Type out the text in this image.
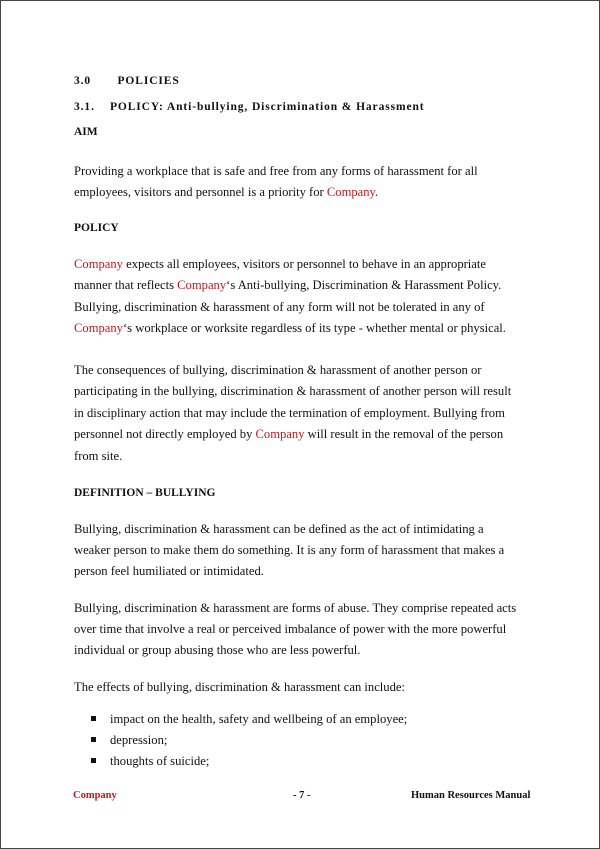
3.0       POLICIES
3.1.    POLICY: Anti-bullying, Discrimination & Harassment
AIM
Providing a workplace that is safe and free from any forms of harassment for all
employees, visitors and personnel is a priority for Company.
POLICY
Company expects all employees, visitors or personnel to behave in an appropriate
manner that reflects Company‘s Anti-bullying, Discrimination & Harassment Policy.
Bullying, discrimination & harassment of any form will not be tolerated in any of
Company‘s workplace or worksite regardless of its type - whether mental or physical.
The consequences of bullying, discrimination & harassment of another person or
participating in the bullying, discrimination & harassment of another person will result
in disciplinary action that may include the termination of employment. Bullying from
personnel not directly employed by Company will result in the removal of the person
from site.
DEFINITION – BULLYING
Bullying, discrimination & harassment can be defined as the act of intimidating a
weaker person to make them do something. It is any form of harassment that makes a
person feel humiliated or intimidated.
Bullying, discrimination & harassment are forms of abuse. They comprise repeated acts
over time that involve a real or perceived imbalance of power with the more powerful
individual or group abusing those who are less powerful.
The effects of bullying, discrimination & harassment can include:
impact on the health, safety and wellbeing of an employee;
depression;
thoughts of suicide;
Company	- 7 -	Human Resources Manual
